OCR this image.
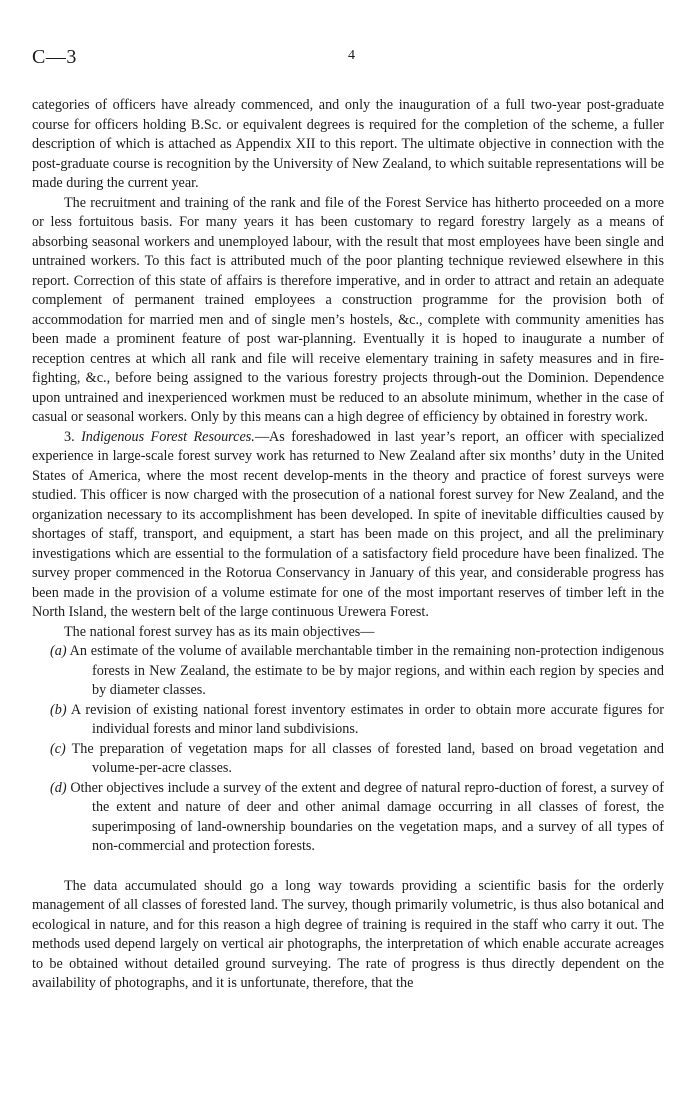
C—3	4

categories of officers have already commenced, and only the inauguration of a full two-year post-graduate course for officers holding B.Sc. or equivalent degrees is required for the completion of the scheme, a fuller description of which is attached as Appendix XII to this report. The ultimate objective in connection with the post-graduate course is recognition by the University of New Zealand, to which suitable representations will be made during the current year.

The recruitment and training of the rank and file of the Forest Service has hitherto proceeded on a more or less fortuitous basis. For many years it has been customary to regard forestry largely as a means of absorbing seasonal workers and unemployed labour, with the result that most employees have been single and untrained workers. To this fact is attributed much of the poor planting technique reviewed elsewhere in this report. Correction of this state of affairs is therefore imperative, and in order to attract and retain an adequate complement of permanent trained employees a construction programme for the provision both of accommodation for married men and of single men’s hostels, &c., complete with community amenities has been made a prominent feature of post war-planning. Eventually it is hoped to inaugurate a number of reception centres at which all rank and file will receive elementary training in safety measures and in fire-fighting, &c., before being assigned to the various forestry projects through-out the Dominion. Dependence upon untrained and inexperienced workmen must be reduced to an absolute minimum, whether in the case of casual or seasonal workers. Only by this means can a high degree of efficiency by obtained in forestry work.

3. Indigenous Forest Resources.—As foreshadowed in last year’s report, an officer with specialized experience in large-scale forest survey work has returned to New Zealand after six months’ duty in the United States of America, where the most recent develop-ments in the theory and practice of forest surveys were studied. This officer is now charged with the prosecution of a national forest survey for New Zealand, and the organization necessary to its accomplishment has been developed. In spite of inevitable difficulties caused by shortages of staff, transport, and equipment, a start has been made on this project, and all the preliminary investigations which are essential to the formulation of a satisfactory field procedure have been finalized. The survey proper commenced in the Rotorua Conservancy in January of this year, and considerable progress has been made in the provision of a volume estimate for one of the most important reserves of timber left in the North Island, the western belt of the large continuous Urewera Forest.

The national forest survey has as its main objectives—

(a) An estimate of the volume of available merchantable timber in the remaining non-protection indigenous forests in New Zealand, the estimate to be by major regions, and within each region by species and by diameter classes.
(b) A revision of existing national forest inventory estimates in order to obtain more accurate figures for individual forests and minor land subdivisions.
(c) The preparation of vegetation maps for all classes of forested land, based on broad vegetation and volume-per-acre classes.
(d) Other objectives include a survey of the extent and degree of natural repro-duction of forest, a survey of the extent and nature of deer and other animal damage occurring in all classes of forest, the superimposing of land-ownership boundaries on the vegetation maps, and a survey of all types of non-commercial and protection forests.

The data accumulated should go a long way towards providing a scientific basis for the orderly management of all classes of forested land. The survey, though primarily volumetric, is thus also botanical and ecological in nature, and for this reason a high degree of training is required in the staff who carry it out. The methods used depend largely on vertical air photographs, the interpretation of which enable accurate acreages to be obtained without detailed ground surveying. The rate of progress is thus directly dependent on the availability of photographs, and it is unfortunate, therefore, that the
